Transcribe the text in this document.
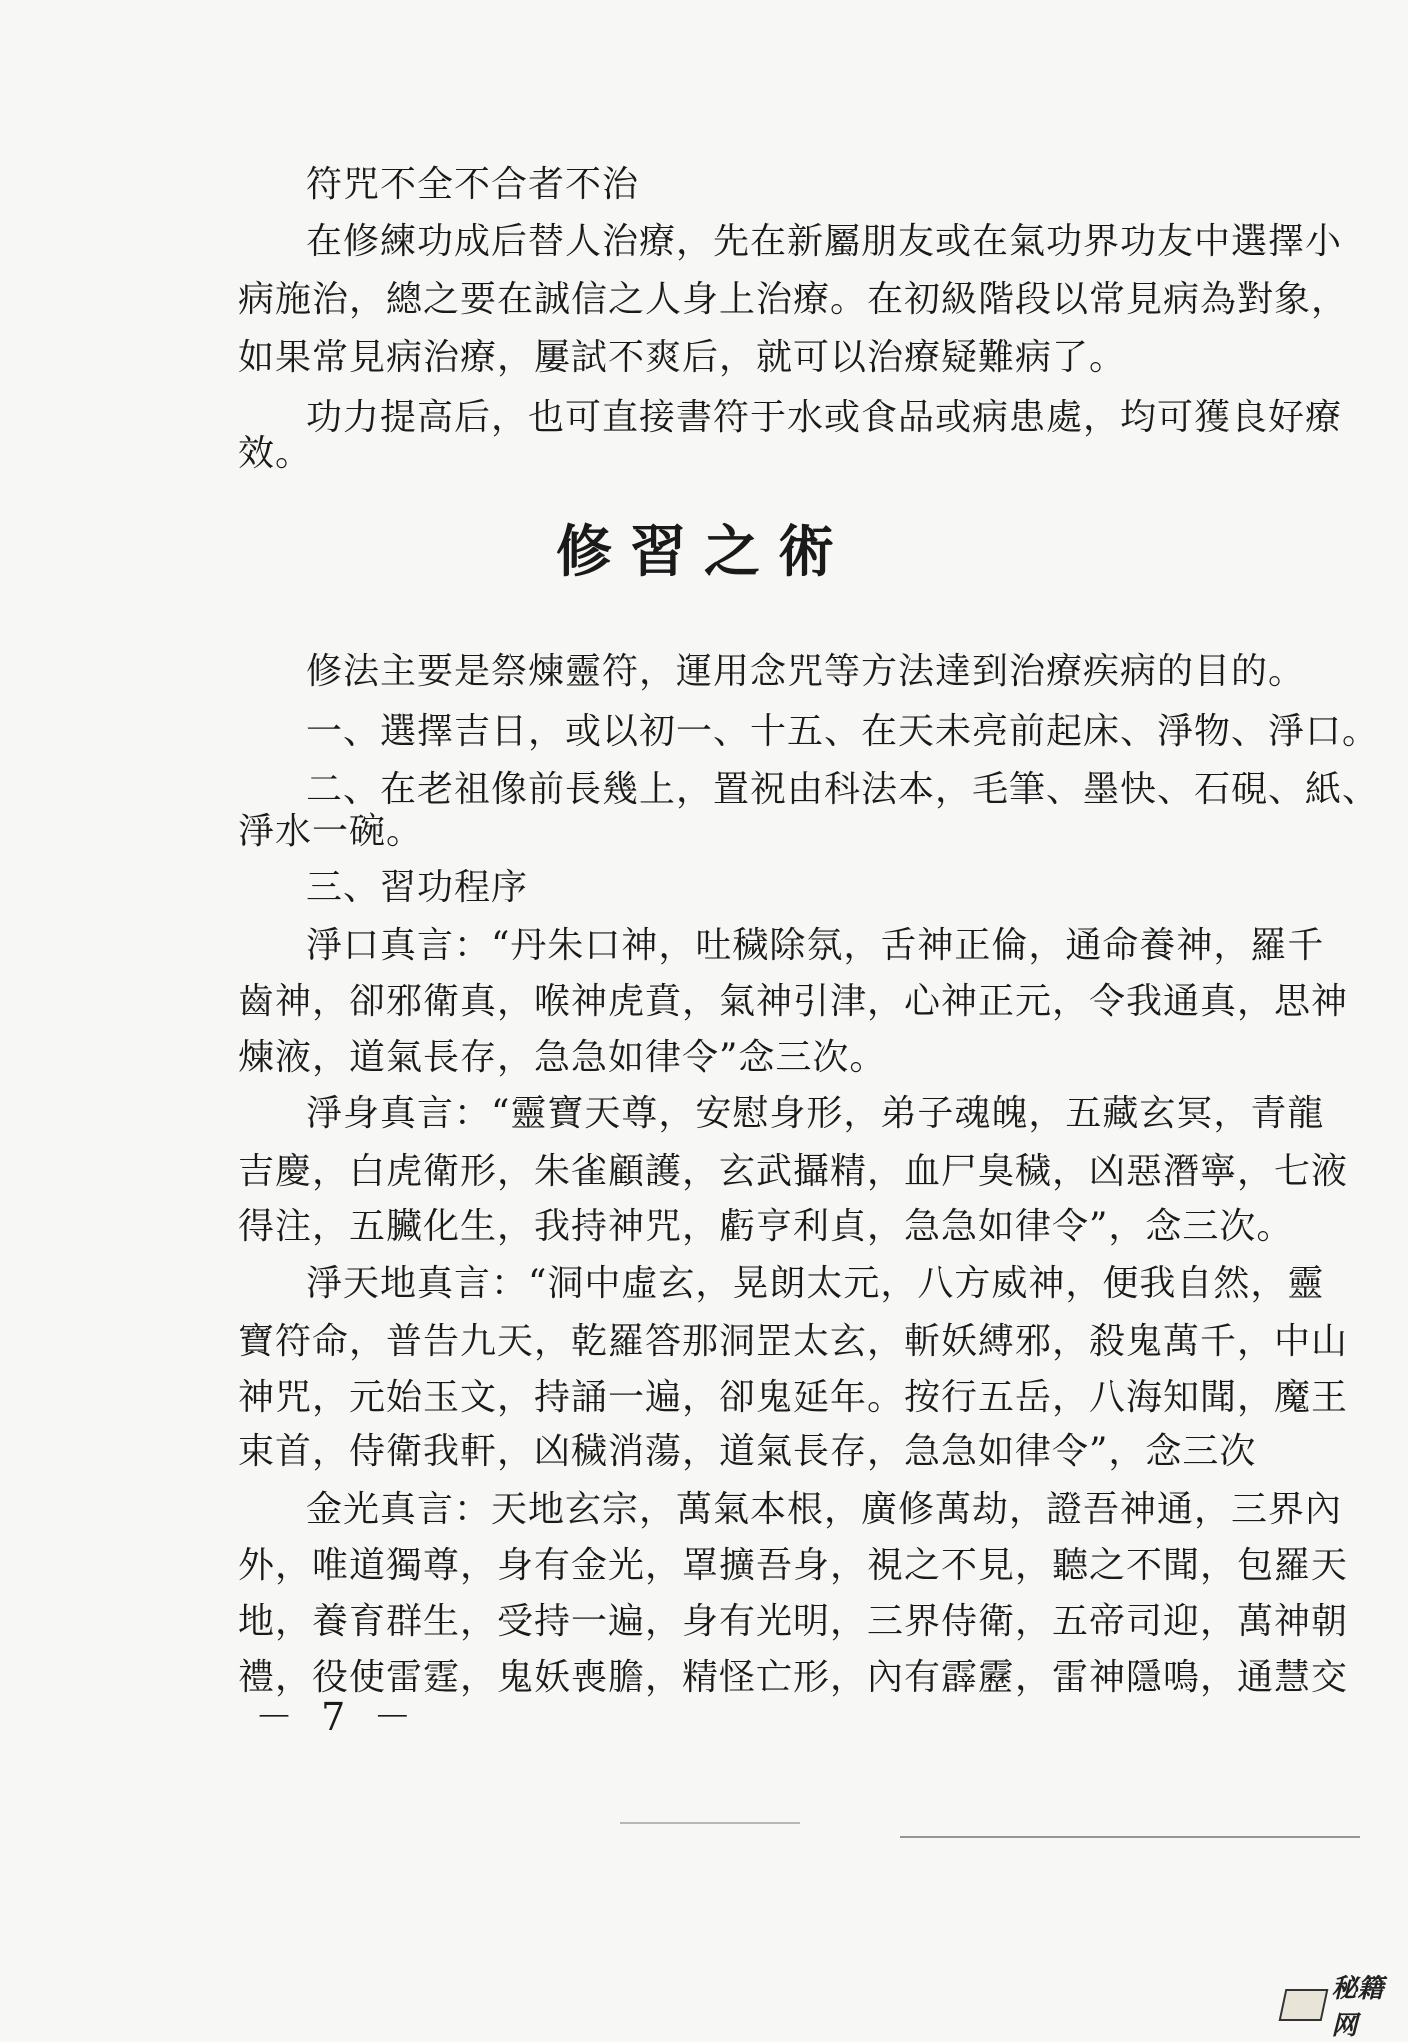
符咒不全不合者不治
在修練功成后替人治療，先在新屬朋友或在氣功界功友中選擇小
病施治，總之要在誠信之人身上治療。在初級階段以常見病為對象，
如果常見病治療，屢試不爽后，就可以治療疑難病了。
功力提高后，也可直接書符于水或食品或病患處，均可獲良好療
效。
修習之術
修法主要是祭煉靈符，運用念咒等方法達到治療疾病的目的。
一、選擇吉日，或以初一、十五、在天未亮前起床、淨物、淨口。
二、在老祖像前長幾上，置祝由科法本，毛筆、墨快、石硯、紙、
淨水一碗。
三、習功程序
淨口真言：“丹朱口神，吐穢除氛，舌神正倫，通命養神，羅千
齒神，卻邪衛真，喉神虎賁，氣神引津，心神正元，令我通真，思神
煉液，道氣長存，急急如律令”念三次。
淨身真言：“靈寶天尊，安慰身形，弟子魂魄，五藏玄冥，青龍
吉慶，白虎衛形，朱雀顧護，玄武攝精，血尸臭穢，凶惡潛寧，七液
得注，五臟化生，我持神咒，虧亨利貞，急急如律令”，念三次。
淨天地真言：“洞中虛玄，晃朗太元，八方威神，便我自然，靈
寶符命，普告九天，乾羅答那洞罡太玄，斬妖縛邪，殺鬼萬千，中山
神咒，元始玉文，持誦一遍，卻鬼延年。按行五岳，八海知聞，魔王
束首，侍衛我軒，凶穢消蕩，道氣長存，急急如律令”，念三次
金光真言：天地玄宗，萬氣本根，廣修萬劫，證吾神通，三界內
外，唯道獨尊，身有金光，罩擴吾身，視之不見，聽之不聞，包羅天
地，養育群生，受持一遍，身有光明，三界侍衛，五帝司迎，萬神朝
禮，役使雷霆，鬼妖喪膽，精怪亡形，內有霹靂，雷神隱鳴，通慧交
－ 7 －
秘籍网
